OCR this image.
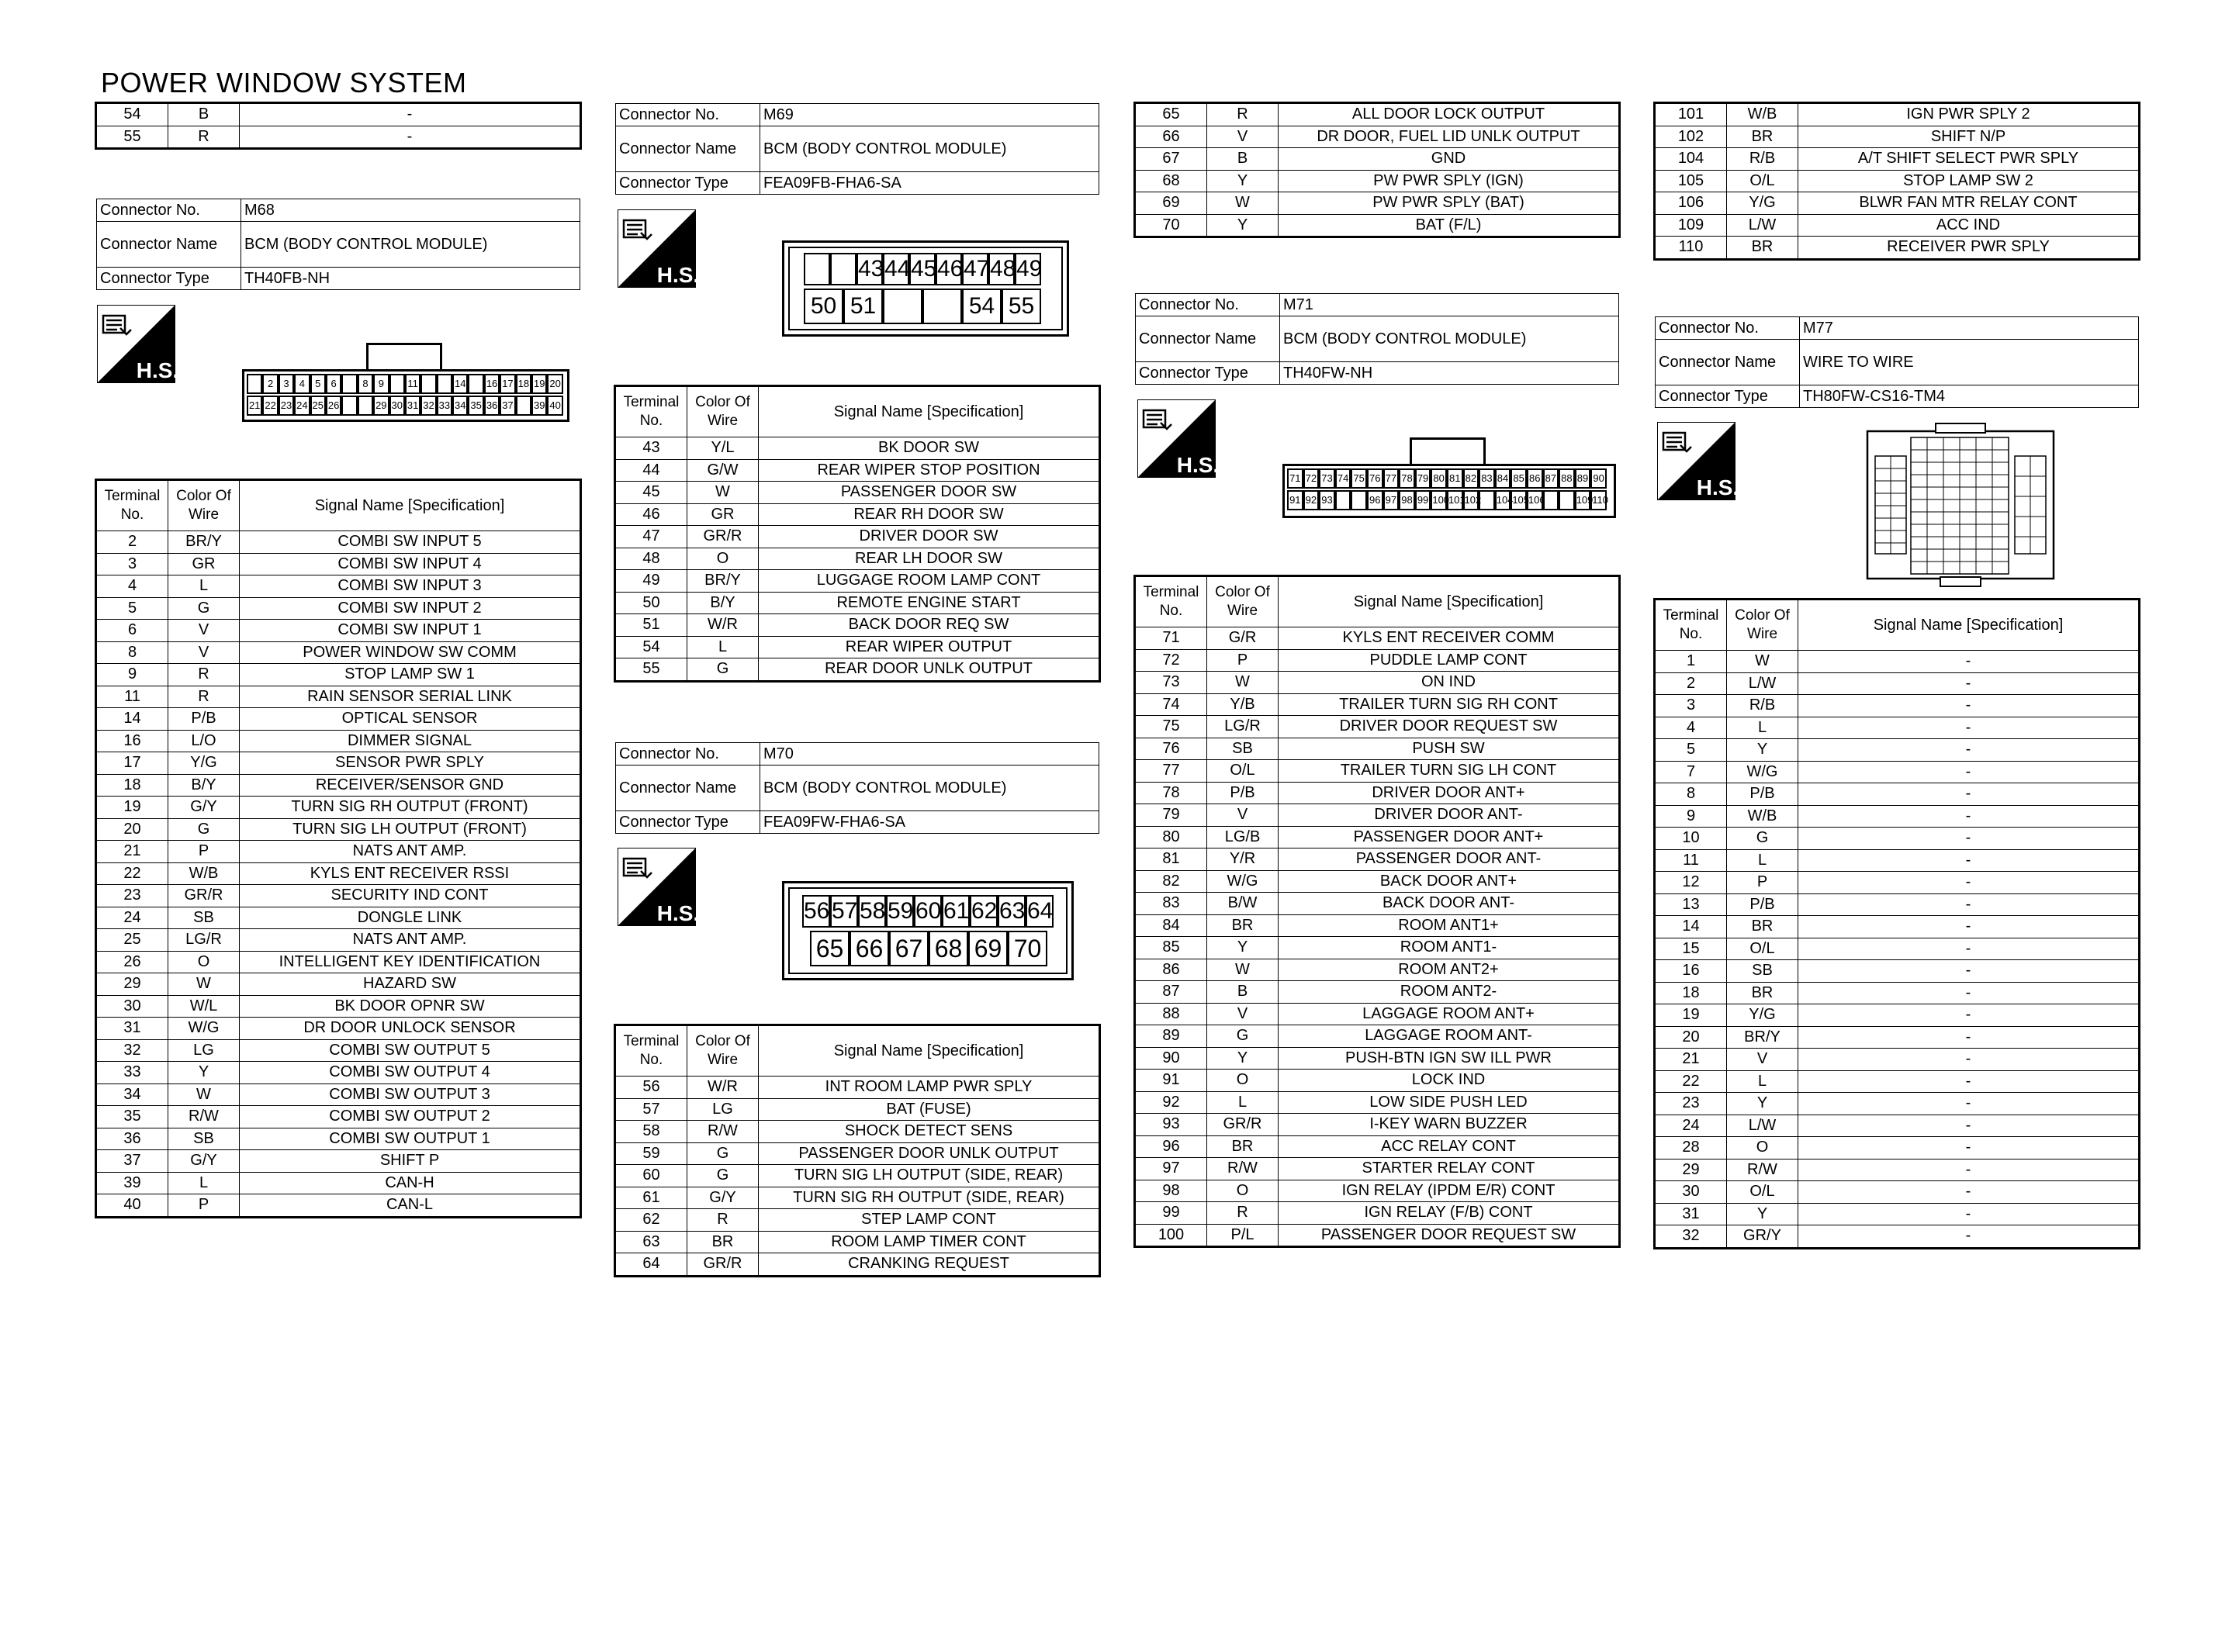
POWER WINDOW SYSTEM
54	B	-
55	R	-
Connector No.	M68
Connector Name	BCM (BODY CONTROL MODULE)
Connector Type	TH40FB-NH
H.S.
2	3	4	5	6	8	9	11	14 16 17 18 19 20
21 22 23 24 25 26	29 30 31 32 33 34 35 36 37 39 40
Terminal No.	Color Of Wire	Signal Name [Specification]
2	BR/Y	COMBI SW INPUT 5
3	GR	COMBI SW INPUT 4
4	L	COMBI SW INPUT 3
5	G	COMBI SW INPUT 2
6	V	COMBI SW INPUT 1
8	V	POWER WINDOW SW COMM
9	R	STOP LAMP SW 1
11	R	RAIN SENSOR SERIAL LINK
14	P/B	OPTICAL SENSOR
16	L/O	DIMMER SIGNAL
17	Y/G	SENSOR PWR SPLY
18	B/Y	RECEIVER/SENSOR GND
19	G/Y	TURN SIG RH OUTPUT (FRONT)
20	G	TURN SIG LH OUTPUT (FRONT)
21	P	NATS ANT AMP.
22	W/B	KYLS ENT RECEIVER RSSI
23	GR/R	SECURITY IND CONT
24	SB	DONGLE LINK
25	LG/R	NATS ANT AMP.
26	O	INTELLIGENT KEY IDENTIFICATION
29	W	HAZARD SW
30	W/L	BK DOOR OPNR SW
31	W/G	DR DOOR UNLOCK SENSOR
32	LG	COMBI SW OUTPUT 5
33	Y	COMBI SW OUTPUT 4
34	W	COMBI SW OUTPUT 3
35	R/W	COMBI SW OUTPUT 2
36	SB	COMBI SW OUTPUT 1
37	G/Y	SHIFT P
39	L	CAN-H
40	P	CAN-L
Connector No.	M69
Connector Name	BCM (BODY CONTROL MODULE)
Connector Type	FEA09FB-FHA6-SA
H.S.	43 44 45 46 47 48 49
50 51	54 55
Terminal No.	Color Of Wire	Signal Name [Specification]
43	Y/L	BK DOOR SW
44	G/W	REAR WIPER STOP POSITION
45	W	PASSENGER DOOR SW
46	GR	REAR RH DOOR SW
47	GR/R	DRIVER DOOR SW
48	O	REAR LH DOOR SW
49	BR/Y	LUGGAGE ROOM LAMP CONT
50	B/Y	REMOTE ENGINE START
51	W/R	BACK DOOR REQ SW
54	L	REAR WIPER OUTPUT
55	G	REAR DOOR UNLK OUTPUT
Connector No.	M70
Connector Name	BCM (BODY CONTROL MODULE)
Connector Type	FEA09FW-FHA6-SA
H.S.	56 57 58 59 60 61 62 63 64
65 66 67 68 69 70
Terminal No.	Color Of Wire	Signal Name [Specification]
56	W/R	INT ROOM LAMP PWR SPLY
57	LG	BAT (FUSE)
58	R/W	SHOCK DETECT SENS
59	G	PASSENGER DOOR UNLK OUTPUT
60	G	TURN SIG LH OUTPUT (SIDE, REAR)
61	G/Y	TURN SIG RH OUTPUT (SIDE, REAR)
62	R	STEP LAMP CONT
63	BR	ROOM LAMP TIMER CONT
64	GR/R	CRANKING REQUEST
65	R	ALL DOOR LOCK OUTPUT
66	V	DR DOOR, FUEL LID UNLK OUTPUT
67	B	GND
68	Y	PW PWR SPLY (IGN)
69	W	PW PWR SPLY (BAT)
70	Y	BAT (F/L)
Connector No.	M71
Connector Name	BCM (BODY CONTROL MODULE)
Connector Type	TH40FW-NH
H.S.
71 72 73 74 75 76 77 78 79 80 81 82 83 84 85 86 87 88 89 90
91 92 93	96 97 98 99 100
101
102 104
105
106	109
110
Terminal No.	Color Of Wire	Signal Name [Specification]
71	G/R	KYLS ENT RECEIVER COMM
72	P	PUDDLE LAMP CONT
73	W	ON IND
74	Y/B	TRAILER TURN SIG RH CONT
75	LG/R	DRIVER DOOR REQUEST SW
76	SB	PUSH SW
77	O/L	TRAILER TURN SIG LH CONT
78	P/B	DRIVER DOOR ANT+
79	V	DRIVER DOOR ANT-
80	LG/B	PASSENGER DOOR ANT+
81	Y/R	PASSENGER DOOR ANT-
82	W/G	BACK DOOR ANT+
83	B/W	BACK DOOR ANT-
84	BR	ROOM ANT1+
85	Y	ROOM ANT1-
86	W	ROOM ANT2+
87	B	ROOM ANT2-
88	V	LAGGAGE ROOM ANT+
89	G	LAGGAGE ROOM ANT-
90	Y	PUSH-BTN IGN SW ILL PWR
91	O	LOCK IND
92	L	LOW SIDE PUSH LED
93	GR/R	I-KEY WARN BUZZER
96	BR	ACC RELAY CONT
97	R/W	STARTER RELAY CONT
98	O	IGN RELAY (IPDM E/R) CONT
99	R	IGN RELAY (F/B) CONT
100	P/L	PASSENGER DOOR REQUEST SW
101	W/B	IGN PWR SPLY 2
102	BR	SHIFT N/P
104	R/B	A/T SHIFT SELECT PWR SPLY
105	O/L	STOP LAMP SW 2
106	Y/G	BLWR FAN MTR RELAY CONT
109	L/W	ACC IND
110	BR	RECEIVER PWR SPLY
Connector No.	M77
Connector Name	WIRE TO WIRE
Connector Type	TH80FW-CS16-TM4
H.S.
Terminal No.	Color Of Wire	Signal Name [Specification]
1	W	-
2	L/W	-
3	R/B	-
4	L	-
5	Y	-
7	W/G	-
8	P/B	-
9	W/B	-
10	G	-
11	L	-
12	P	-
13	P/B	-
14	BR	-
15	O/L	-
16	SB	-
18	BR	-
19	Y/G	-
20	BR/Y	-
21	V	-
22	L	-
23	Y	-
24	L/W	-
28	O	-
29	R/W	-
30	O/L	-
31	Y	-
32	GR/Y	-
